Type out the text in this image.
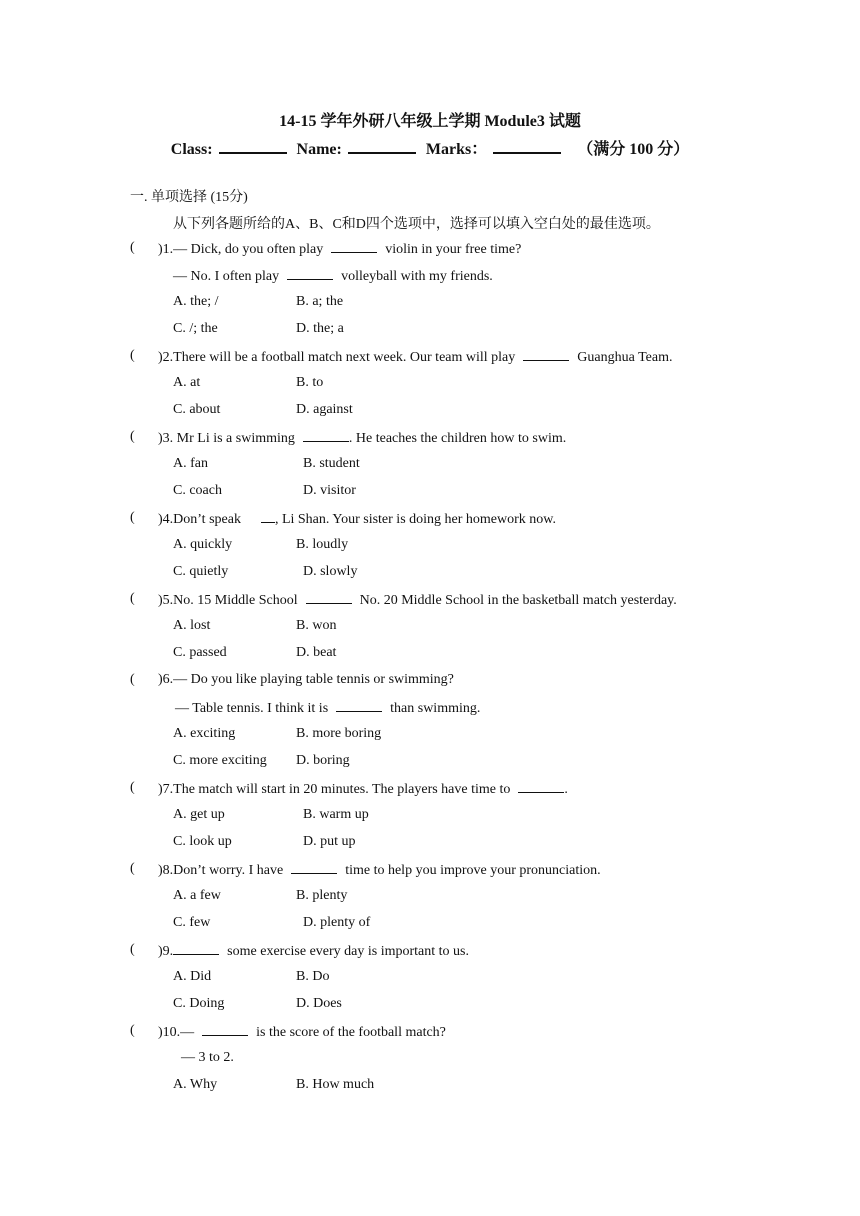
14-15 学年外研八年级上学期 Module3 试题
Class:	Name:	Marks：	（满分 100 分）
一. 单项选择 (15分)
从下列各题所给的A、B、C和D四个选项中，选择可以填入空白处的最佳选项。
( )1.— Dick, do you often play	violin in your free time?
— No. I often play	volleyball with my friends.
A. the; /	B. a; the
C. /; the	D. the; a
( )2.There will be a football match next week. Our team will play	Guanghua Team.
A. at	B. to
C. about	D. against
( )3. Mr Li is a swimming	. He teaches the children how to swim.
A. fan	B. student
C. coach	D. visitor
( )4.Don’t speak , Li Shan. Your sister is doing her homework now.
A. quickly	B. loudly
C. quietly	D. slowly
( )5.No. 15 Middle School	No. 20 Middle School in the basketball match yesterday.
A. lost	B. won
C. passed	D. beat
( )6.— Do you like playing table tennis or swimming?
— Table tennis. I think it is	than swimming.
A. exciting	B. more boring
C. more exciting D. boring
( )7.The match will start in 20 minutes. The players have time to	.
A. get up	B. warm up
C. look up	D. put up
( )8.Don’t worry. I have	time to help you improve your pronunciation.
A. a few	B. plenty
C. few	D. plenty of
( )9.	some exercise every day is important to us.
A. Did	B. Do
C. Doing	D. Does
( )10.—	is the score of the football match?
— 3 to 2.
A. Why	B. How much
